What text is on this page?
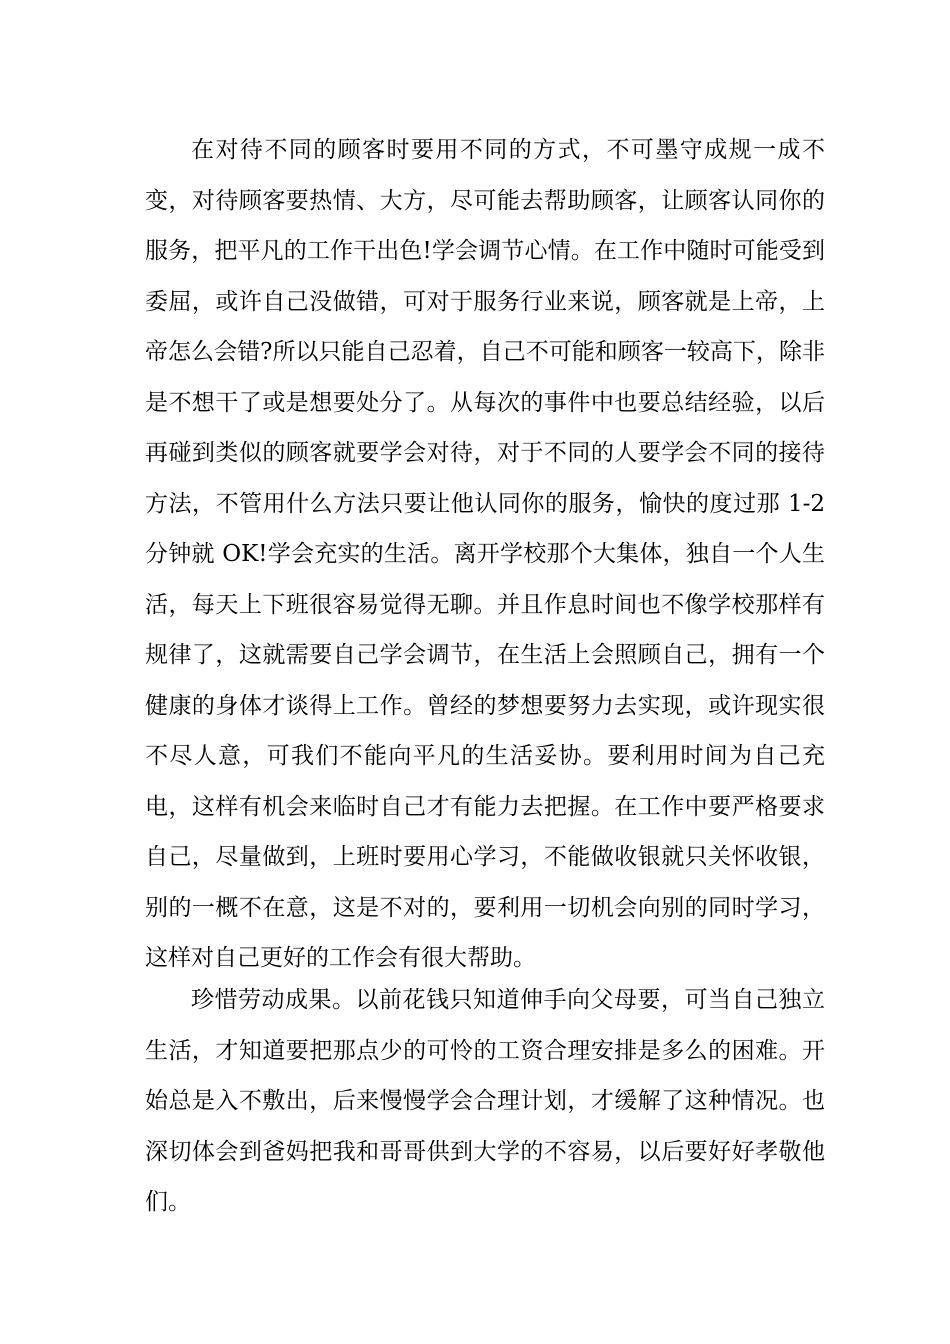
在对待不同的顾客时要用不同的方式，不可墨守成规一成不变，对待顾客要热情、大方，尽可能去帮助顾客，让顾客认同你的服务，把平凡的工作干出色!学会调节心情。在工作中随时可能受到委屈，或许自己没做错，可对于服务行业来说，顾客就是上帝，上帝怎么会错?所以只能自己忍着，自己不可能和顾客一较高下，除非是不想干了或是想要处分了。从每次的事件中也要总结经验，以后再碰到类似的顾客就要学会对待，对于不同的人要学会不同的接待方法，不管用什么方法只要让他认同你的服务，愉快的度过那 1-2 分钟就 OK!学会充实的生活。离开学校那个大集体，独自一个人生活，每天上下班很容易觉得无聊。并且作息时间也不像学校那样有规律了，这就需要自己学会调节，在生活上会照顾自己，拥有一个健康的身体才谈得上工作。曾经的梦想要努力去实现，或许现实很不尽人意，可我们不能向平凡的生活妥协。要利用时间为自己充电，这样有机会来临时自己才有能力去把握。在工作中要严格要求自己，尽量做到，上班时要用心学习，不能做收银就只关怀收银，别的一概不在意，这是不对的，要利用一切机会向别的同时学习，这样对自己更好的工作会有很大帮助。

珍惜劳动成果。以前花钱只知道伸手向父母要，可当自己独立生活，才知道要把那点少的可怜的工资合理安排是多么的困难。开始总是入不敷出，后来慢慢学会合理计划，才缓解了这种情况。也深切体会到爸妈把我和哥哥供到大学的不容易，以后要好好孝敬他们。
